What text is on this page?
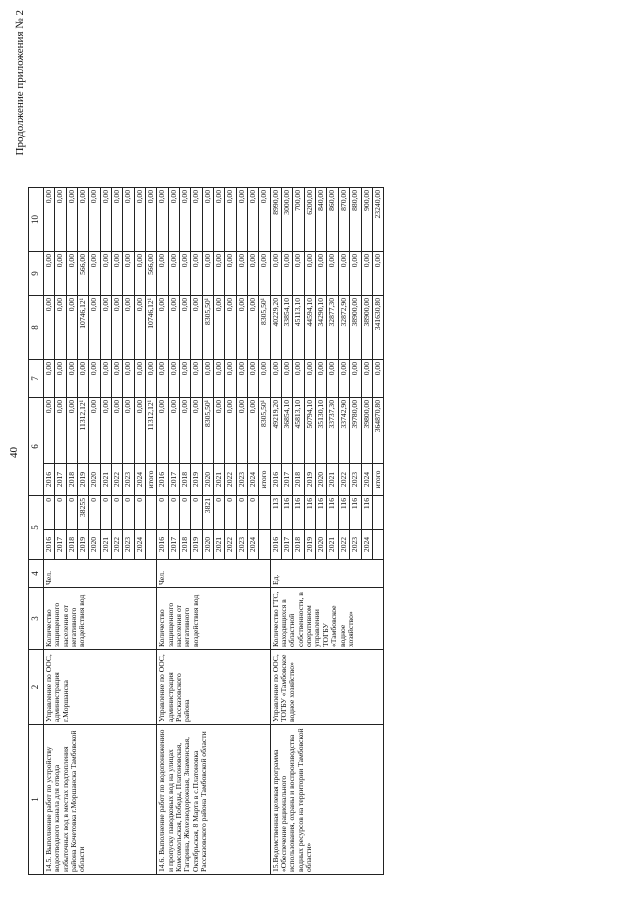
40
Продолжение приложения № 2
1	2	3	4	5		6		7	8	9	10
14.5. Выполнение работ по устройству водоотводного канала для отвода избыточных вод в местах подтопления района Кочетовка г.Моршанска Тамбовской области	Управление по ООС, администрация г.Моршанска	Количество защищенного населения от негативного воздействия вод	Чел.	2016	0	2016	0,00	0,00	0,00	0,00	0,00
				2017	0	2017	0,00	0,00	0,00	0,00	0,00
				2018	0	2018	0,00	0,00	0,00	0,00	0,00
				2019	38255	2019	11312,12¹	0,00	10746,12¹	566,00	0,00
				2020	0	2020	0,00	0,00	0,00	0,00	0,00
				2021	0	2021	0,00	0,00	0,00	0,00	0,00
				2022	0	2022	0,00	0,00	0,00	0,00	0,00
				2023	0	2023	0,00	0,00	0,00	0,00	0,00
				2024	0	2024	0,00	0,00	0,00	0,00	0,00
						итого	11312,12¹	0,00	10746,12¹	566,00	0,00
14.6. Выполнение работ по водопонижению и пропуску паводковых вод на улицах Комсомольская, Победы, Платоновская, Гагарина, Железнодорожная, Знаменская, Октябрьская, 8 Марта в с.Платоновка Рассказовского района Тамбовской области	Управление по ООС, администрация Рассказовского района	Количество защищенного населения от негативного воздействия вод	Чел.	2016	0	2016	0,00	0,00	0,00	0,00	0,00
				2017	0	2017	0,00	0,00	0,00	0,00	0,00
				2018	0	2018	0,00	0,00	0,00	0,00	0,00
				2019	0	2019	0,00	0,00	0,00	0,00	0,00
				2020	3821	2020	8305,50¹	0,00	8305,50¹	0,00	0,00
				2021	0	2021	0,00	0,00	0,00	0,00	0,00
				2022	0	2022	0,00	0,00	0,00	0,00	0,00
				2023	0	2023	0,00	0,00	0,00	0,00	0,00
				2024	0	2024	0,00	0,00	0,00	0,00	0,00
						итого	8305,50¹	0,00	8305,50¹	0,00	0,00
15.Ведомственная целевая программа «Обеспечение рационального использования, охраны и воспроизводства водных ресурсов на территории Тамбовской области»	Управление по ООС, ТОГБУ «Тамбовское водное хозяйство»	Количество ГТС, находящихся в областной собственности, в оперативном управлении ТОГБУ «Тамбовское водное хозяйство»	Ед.	2016	113	2016	49219,20	0,00	40229,20	0,00	8990,00
				2017	116	2017	36854,10	0,00	33854,10	0,00	3000,00
				2018	116	2018	45813,10	0,00	45113,10	0,00	700,00
				2019	116	2019	50794,10	0,00	44594,10	0,00	6200,00
				2020	116	2020	35130,10	0,00	34290,10	0,00	840,00
				2021	116	2021	33737,30	0,00	32877,30	0,00	860,00
				2022	116	2022	33742,90	0,00	32872,90	0,00	870,00
				2023	116	2023	39780,00	0,00	38900,00	0,00	880,00
				2024	116	2024	39800,00	0,00	38900,00	0,00	900,00
						итого	364870,80	0,00	341630,80	0,00	23240,00
